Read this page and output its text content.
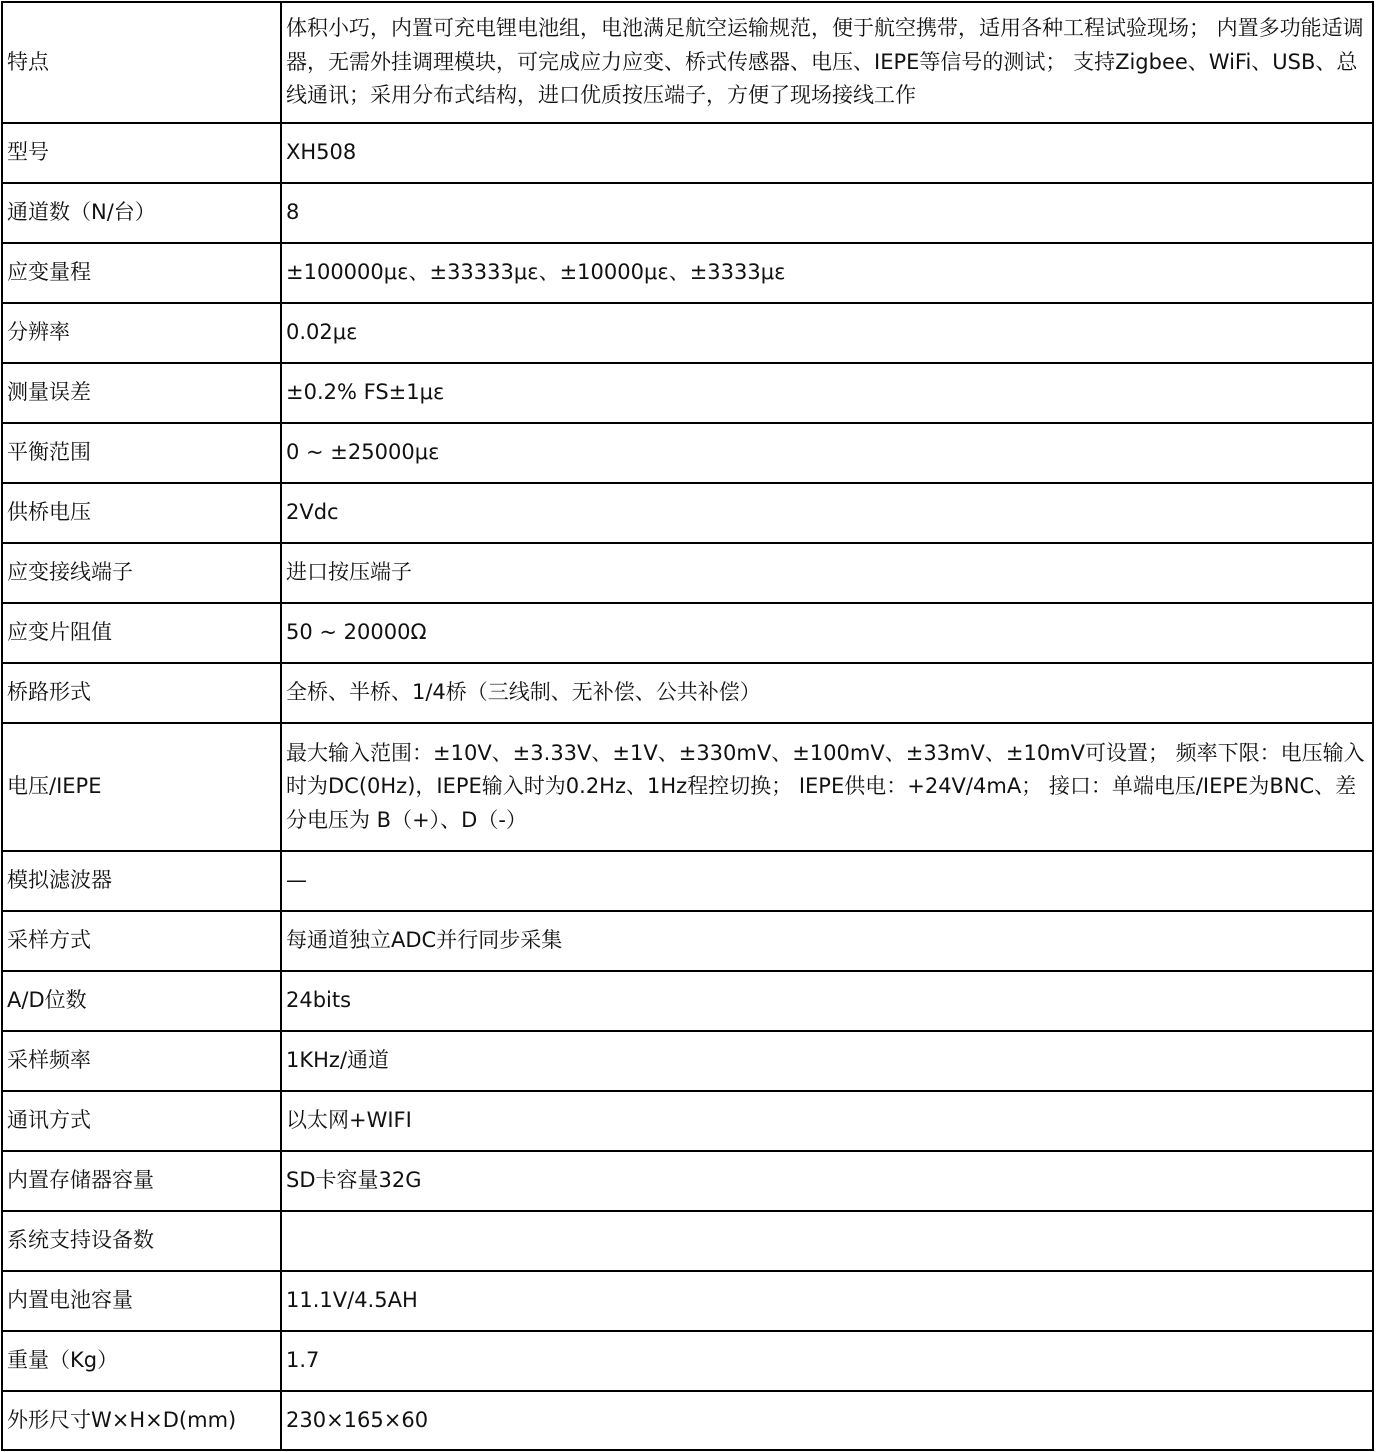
特点	体积小巧，内置可充电锂电池组，电池满足航空运输规范，便于航空携带，适用各种工程试验现场； 内置多功能适调器，无需外挂调理模块，可完成应力应变、桥式传感器、电压、IEPE等信号的测试； 支持Zigbee、WiFi、USB、总线通讯；采用分布式结构，进口优质按压端子，方便了现场接线工作
型号	XH508
通道数（N/台）	8
应变量程	±100000με、±33333με、±10000με、±3333με
分辨率	0.02με
测量误差	±0.2% FS±1με
平衡范围	0 ~ ±25000με
供桥电压	2Vdc
应变接线端子	进口按压端子
应变片阻值	50 ~ 20000Ω
桥路形式	全桥、半桥、1/4桥（三线制、无补偿、公共补偿）
电压/IEPE	最大输入范围：±10V、±3.33V、±1V、±330mV、±100mV、±33mV、±10mV可设置； 频率下限：电压输入时为DC(0Hz)，IEPE输入时为0.2Hz、1Hz程控切换； IEPE供电：+24V/4mA； 接口：单端电压/IEPE为BNC、差分电压为 B（+）、D（-）
模拟滤波器	—
采样方式	每通道独立ADC并行同步采集
A/D位数	24bits
采样频率	1KHz/通道
通讯方式	以太网+WIFI
内置存储器容量	SD卡容量32G
系统支持设备数	
内置电池容量	11.1V/4.5AH
重量（Kg）	1.7
外形尺寸W×H×D(mm)	230×165×60
